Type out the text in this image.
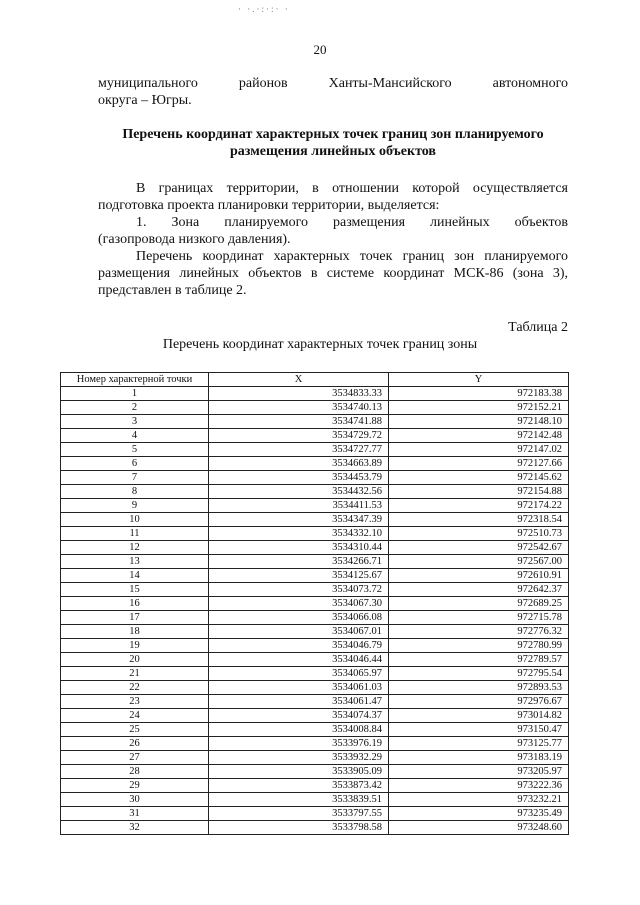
· ·.·:·:· ·
20
муниципального районов Ханты-Мансийского автономного
округа – Югры.
Перечень координат характерных точек границ зон планируемого
размещения линейных объектов
В границах территории, в отношении которой осуществляется
подготовка проекта планировки территории, выделяется:
1. Зона планируемого размещения линейных объектов
(газопровода низкого давления).
Перечень координат характерных точек границ зон планируемого
размещения линейных объектов в системе координат МСК-86 (зона 3),
представлен в таблице 2.
Таблица 2
Перечень координат характерных точек границ зоны
Номер характерной точки	X	Y
1	3534833.33	972183.38
2	3534740.13	972152.21
3	3534741.88	972148.10
4	3534729.72	972142.48
5	3534727.77	972147.02
6	3534663.89	972127.66
7	3534453.79	972145.62
8	3534432.56	972154.88
9	3534411.53	972174.22
10	3534347.39	972318.54
11	3534332.10	972510.73
12	3534310.44	972542.67
13	3534266.71	972567.00
14	3534125.67	972610.91
15	3534073.72	972642.37
16	3534067.30	972689.25
17	3534066.08	972715.78
18	3534067.01	972776.32
19	3534046.79	972780.99
20	3534046.44	972789.57
21	3534065.97	972795.54
22	3534061.03	972893.53
23	3534061.47	972976.67
24	3534074.37	973014.82
25	3534008.84	973150.47
26	3533976.19	973125.77
27	3533932.29	973183.19
28	3533905.09	973205.97
29	3533873.42	973222.36
30	3533839.51	973232.21
31	3533797.55	973235.49
32	3533798.58	973248.60
